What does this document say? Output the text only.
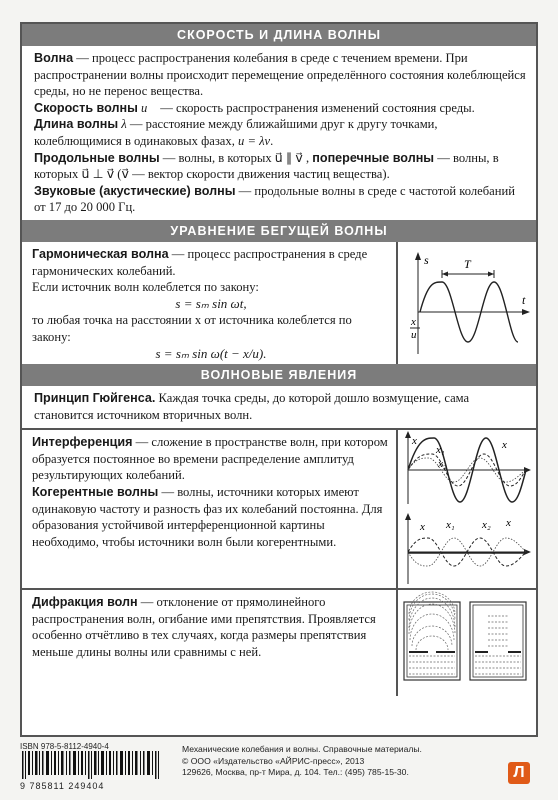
СКОРОСТЬ И ДЛИНА ВОЛНЫ
Волна — процесс распространения колебания в среде с течением времени. При распространении волны происходит перемещение определённого состояния колеблющейся среды, но не перенос вещества.
Скорость волны u⃗ — скорость распространения изменений состояния среды.
Длина волны λ — расстояние между ближайшими друг к другу точками, колеблющимися в одинаковых фазах, u = λν.
Продольные волны — волны, в которых u⃗ ∥ v⃗ , поперечные волны — волны, в которых u⃗ ⊥ v⃗ (v⃗ — вектор скорости движения частиц вещества).
Звуковые (акустические) волны — продольные волны в среде с частотой колебаний от 17 до 20 000 Гц.
УРАВНЕНИЕ БЕГУЩЕЙ ВОЛНЫ
Гармоническая волна — процесс распространения в среде гармонических колебаний.
Если источник волн колеблется по закону:
s = sₘ sin ωt,
то любая точка на расстоянии x от источника колеблется по закону:
s = sₘ sin ω(t − x/u).
s	T
x
u
t
ВОЛНОВЫЕ ЯВЛЕНИЯ
Принцип Гюйгенса. Каждая точка среды, до которой дошло возмущение, сама становится источником вторичных волн.
Интерференция — сложение в пространстве волн, при котором образуется постоянное во времени распределение амплитуд результирующих колебаний.
Когерентные волны — волны, источники которых имеют одинаковую частоту и разность фаз их колебаний постоянна. Для образования устойчивой интерференционной картины необходимо, чтобы источники волн были когерентными.
x
x₁
x₂
x
x x₁ x₂ x
Дифракция волн — отклонение от прямолинейного распространения волн, огибание ими препятствия. Проявляется особенно отчётливо в тех случаях, когда размеры препятствия меньше длины волны или сравнимы с ней.
ISBN 978-5-8112-4940-4
9 785811 249404
Механические колебания и волны. Справочные материалы.
© ООО «Издательство «АЙРИС-пресс», 2013
129626, Москва, пр-т Мира, д. 104. Тел.: (495) 785-15-30.	Л
